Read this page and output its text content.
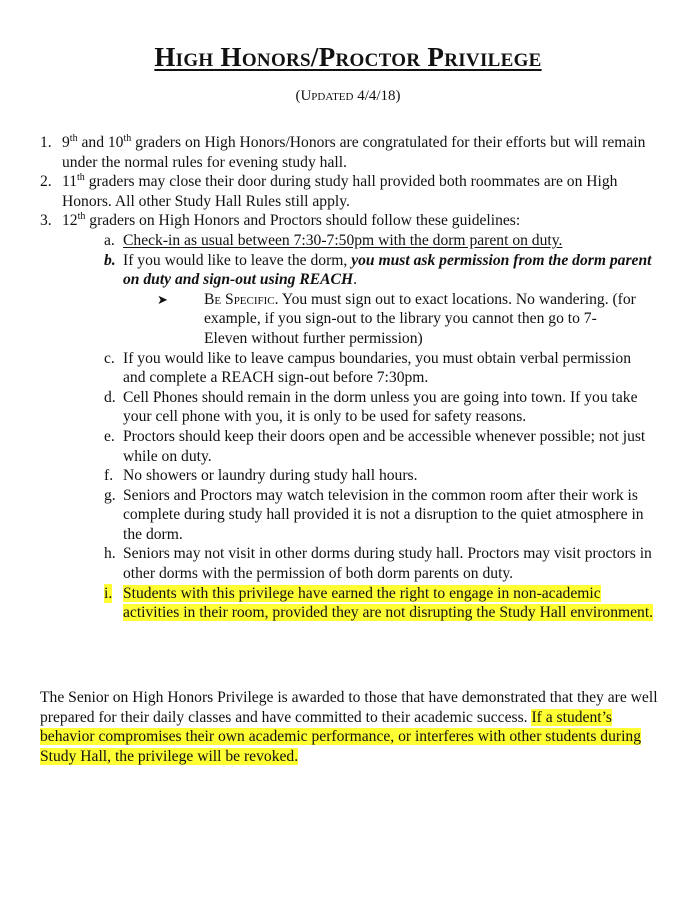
High Honors/Proctor Privilege
(Updated 4/4/18)
1. 9th and 10th graders on High Honors/Honors are congratulated for their efforts but will remain under the normal rules for evening study hall.
2. 11th graders may close their door during study hall provided both roommates are on High Honors. All other Study Hall Rules still apply.
3. 12th graders on High Honors and Proctors should follow these guidelines:
a. Check-in as usual between 7:30-7:50pm with the dorm parent on duty.
b. If you would like to leave the dorm, you must ask permission from the dorm parent on duty and sign-out using REACH.
➤ Be Specific. You must sign out to exact locations. No wandering. (for example, if you sign-out to the library you cannot then go to 7-Eleven without further permission)
c. If you would like to leave campus boundaries, you must obtain verbal permission and complete a REACH sign-out before 7:30pm.
d. Cell Phones should remain in the dorm unless you are going into town. If you take your cell phone with you, it is only to be used for safety reasons.
e. Proctors should keep their doors open and be accessible whenever possible; not just while on duty.
f. No showers or laundry during study hall hours.
g. Seniors and Proctors may watch television in the common room after their work is complete during study hall provided it is not a disruption to the quiet atmosphere in the dorm.
h. Seniors may not visit in other dorms during study hall. Proctors may visit proctors in other dorms with the permission of both dorm parents on duty.
i. Students with this privilege have earned the right to engage in non-academic activities in their room, provided they are not disrupting the Study Hall environment.
The Senior on High Honors Privilege is awarded to those that have demonstrated that they are well prepared for their daily classes and have committed to their academic success. If a student’s behavior compromises their own academic performance, or interferes with other students during Study Hall, the privilege will be revoked.
